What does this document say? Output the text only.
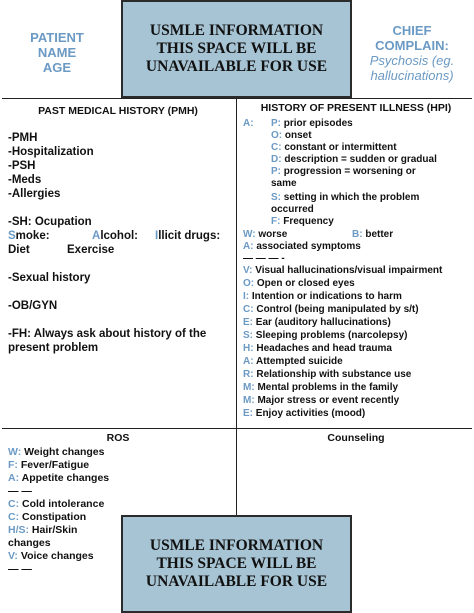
PATIENT
NAME
AGE
CHIEF
COMPLAIN:
Psychosis (eg.
hallucinations)
USMLE INFORMATION
THIS SPACE WILL BE
UNAVAILABLE FOR USE
PAST MEDICAL HISTORY (PMH)
-PMH
-Hospitalization
-PSH
-Meds
-Allergies
-SH: Ocupation
Smoke:	Alcohol: Illicit drugs:
Diet	Exercise
-Sexual history
-OB/GYN
-FH: Always ask about history of the
present problem
HISTORY OF PRESENT ILLNESS (HPI)
A: P: prior episodes
O: onset
C: constant or intermittent
D: description = sudden or gradual
P: progression = worsening or
same
S: setting in which the problem
occurred
F: Frequency
W: worse	B: better
A: associated symptoms
— — — -
V: Visual hallucinations/visual impairment
O: Open or closed eyes
I: Intention or indications to harm
C: Control (being manipulated by s/t)
E: Ear (auditory hallucinations)
S: Sleeping problems (narcolepsy)
H: Headaches and head trauma
A: Attempted suicide
R: Relationship with substance use
M: Mental problems in the family
M: Major stress or event recently
E: Enjoy activities (mood)
ROS
W: Weight changes
F: Fever/Fatigue
A: Appetite changes
— —
C: Cold intolerance
C: Constipation
H/S: Hair/Skin
changes
V: Voice changes
— —
Counseling
USMLE INFORMATION
THIS SPACE WILL BE
UNAVAILABLE FOR USE
